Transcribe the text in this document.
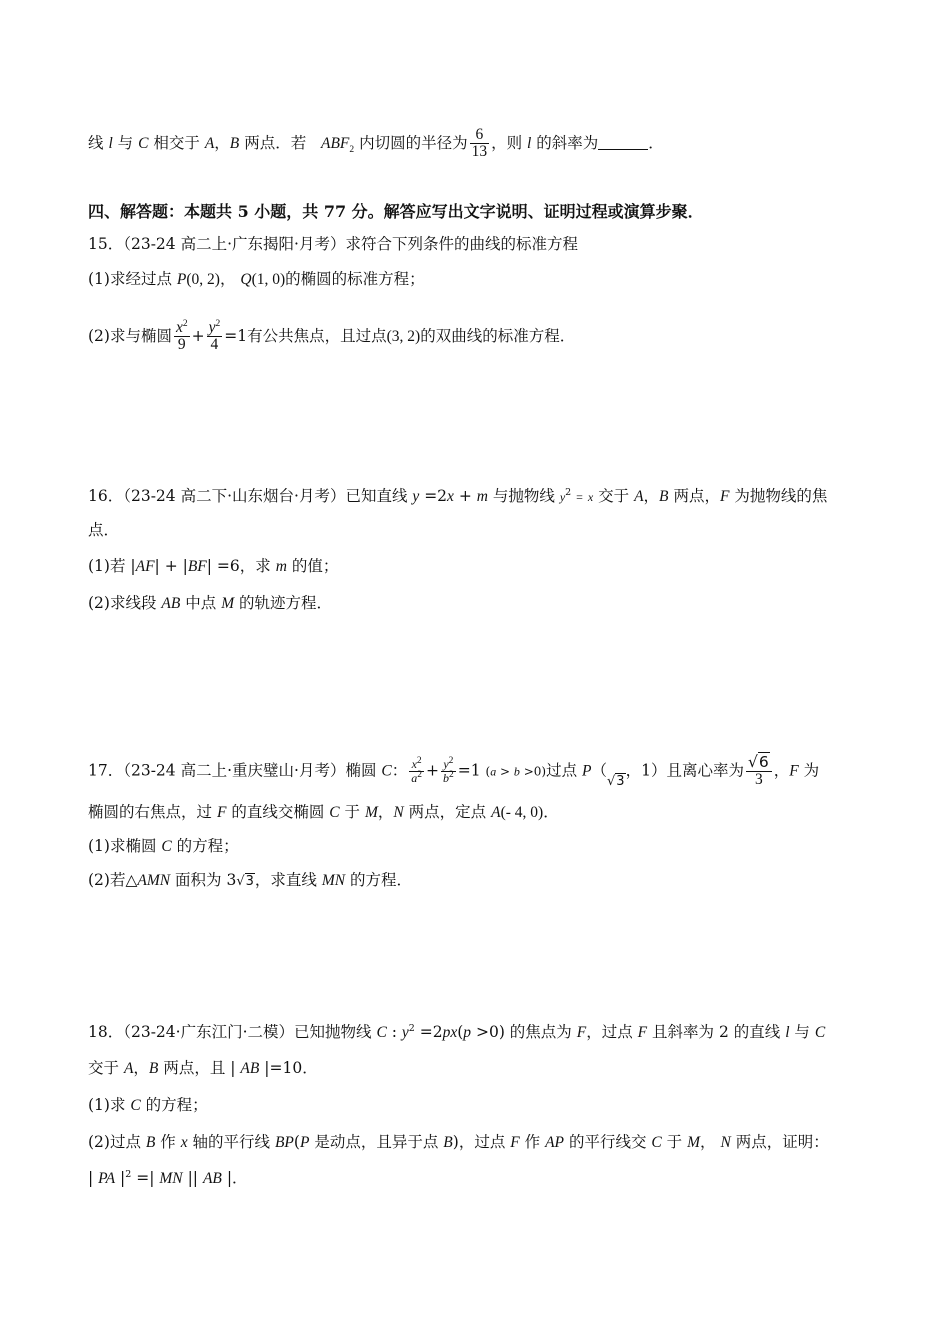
线 l 与 C 相交于 A，B 两点．若   $ABF_2$ 内切圆的半径为 $\frac{6}{13}$ ，则 l 的斜率为	．
四、解答题：本题共 5 小题，共 77 分。解答应写出文字说明、证明过程或演算步聚．
15．（23-24 高二上·广东揭阳·月考）求符合下列条件的曲线的标准方程
(1)求经过点 P(0, 2)， Q(1, 0)的椭圆的标准方程；
(2)求与椭圆 $\frac{x^2}{9} + \frac{y^2}{4} =1$有公共焦点，且过点(3, 2)的双曲线的标准方程．
16．（23-24 高二下·山东烟台·月考）已知直线 y =2x + m 与抛物线 $y^2 = x$ 交于 A，B 两点，F 为抛物线的焦
点．
(1)若 |AF| + |BF| =6，求 m 的值；
(2)求线段 AB 中点 M 的轨迹方程．
17．（23-24 高二上·重庆璧山·月考）椭圆 C： $\frac{x^2}{a^2} + \frac{y^2}{b^2} =1$ (a > b >0)过点 $P(_{√3}$，1）且离心率为 $\frac{√6}{3}$ ，F 为
椭圆的右焦点，过 F 的直线交椭圆 C 于 M，N 两点，定点 A(- 4, 0)．
(1)求椭圆 C 的方程；
(2)若△AMN 面积为 3√3，求直线 MN 的方程．
18．（23-24·广东江门·二模）已知抛物线 C : $y^2 =2px(p >0)$ 的焦点为 F，过点 F 且斜率为 2 的直线 l 与 C
交于 A，B 两点，且 | AB |=10．
(1)求 C 的方程；
(2)过点 B 作 x 轴的平行线 BP(P 是动点，且异于点 B)，过点 F 作 AP 的平行线交 C 于 M， N 两点，证明：
| PA $|^2$ =| MN || AB |．
